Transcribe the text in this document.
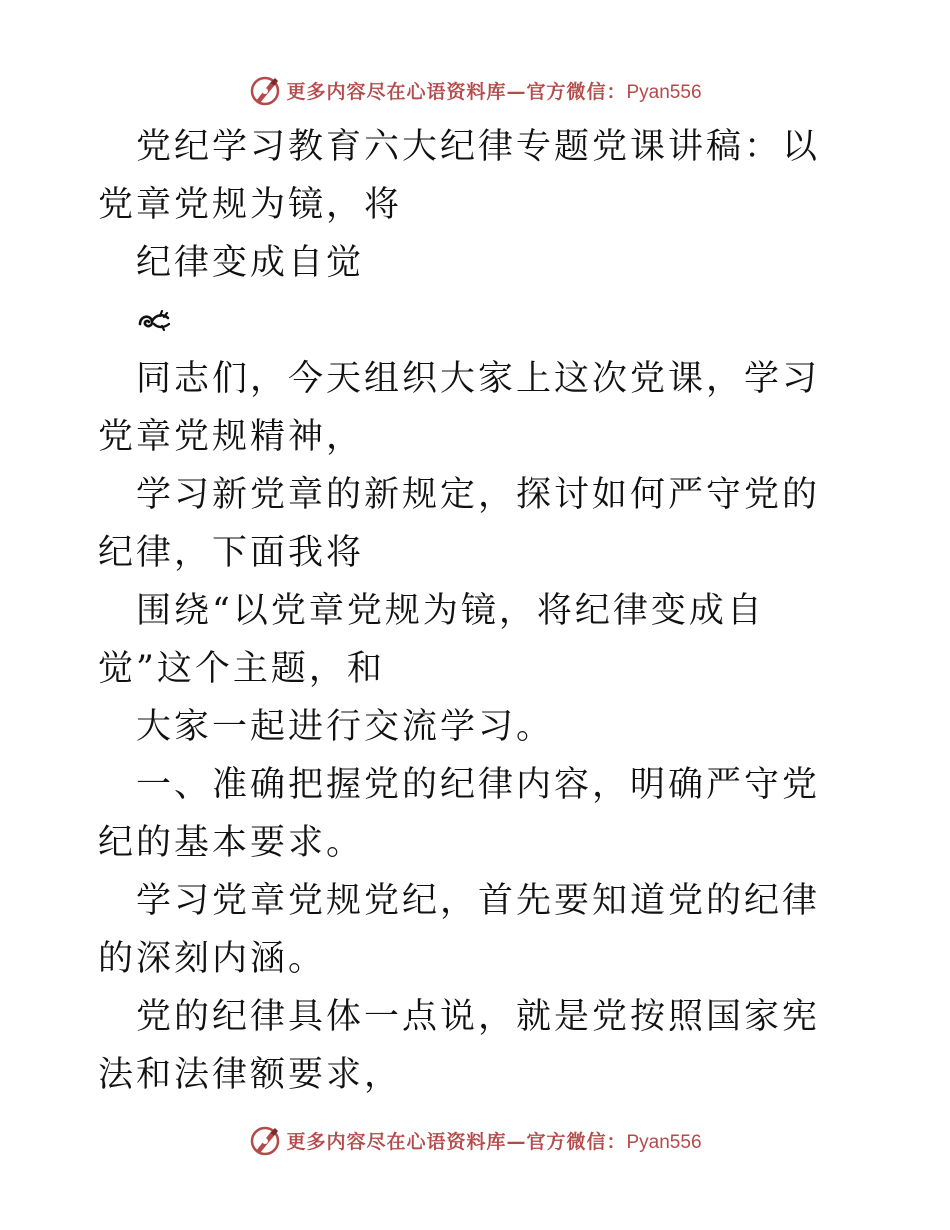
更多内容尽在心语资料库—官方微信：Pyan556

党纪学习教育六大纪律专题党课讲稿：以党章党规为镜，将

纪律变成自觉

同志们，今天组织大家上这次党课，学习党章党规精神，

学习新党章的新规定，探讨如何严守党的纪律，下面我将

围绕“以党章党规为镜，将纪律变成自觉”这个主题，和

大家一起进行交流学习。

一、准确把握党的纪律内容，明确严守党纪的基本要求。

学习党章党规党纪，首先要知道党的纪律的深刻内涵。

党的纪律具体一点说，就是党按照国家宪法和法律额要求，

更多内容尽在心语资料库—官方微信：Pyan556
